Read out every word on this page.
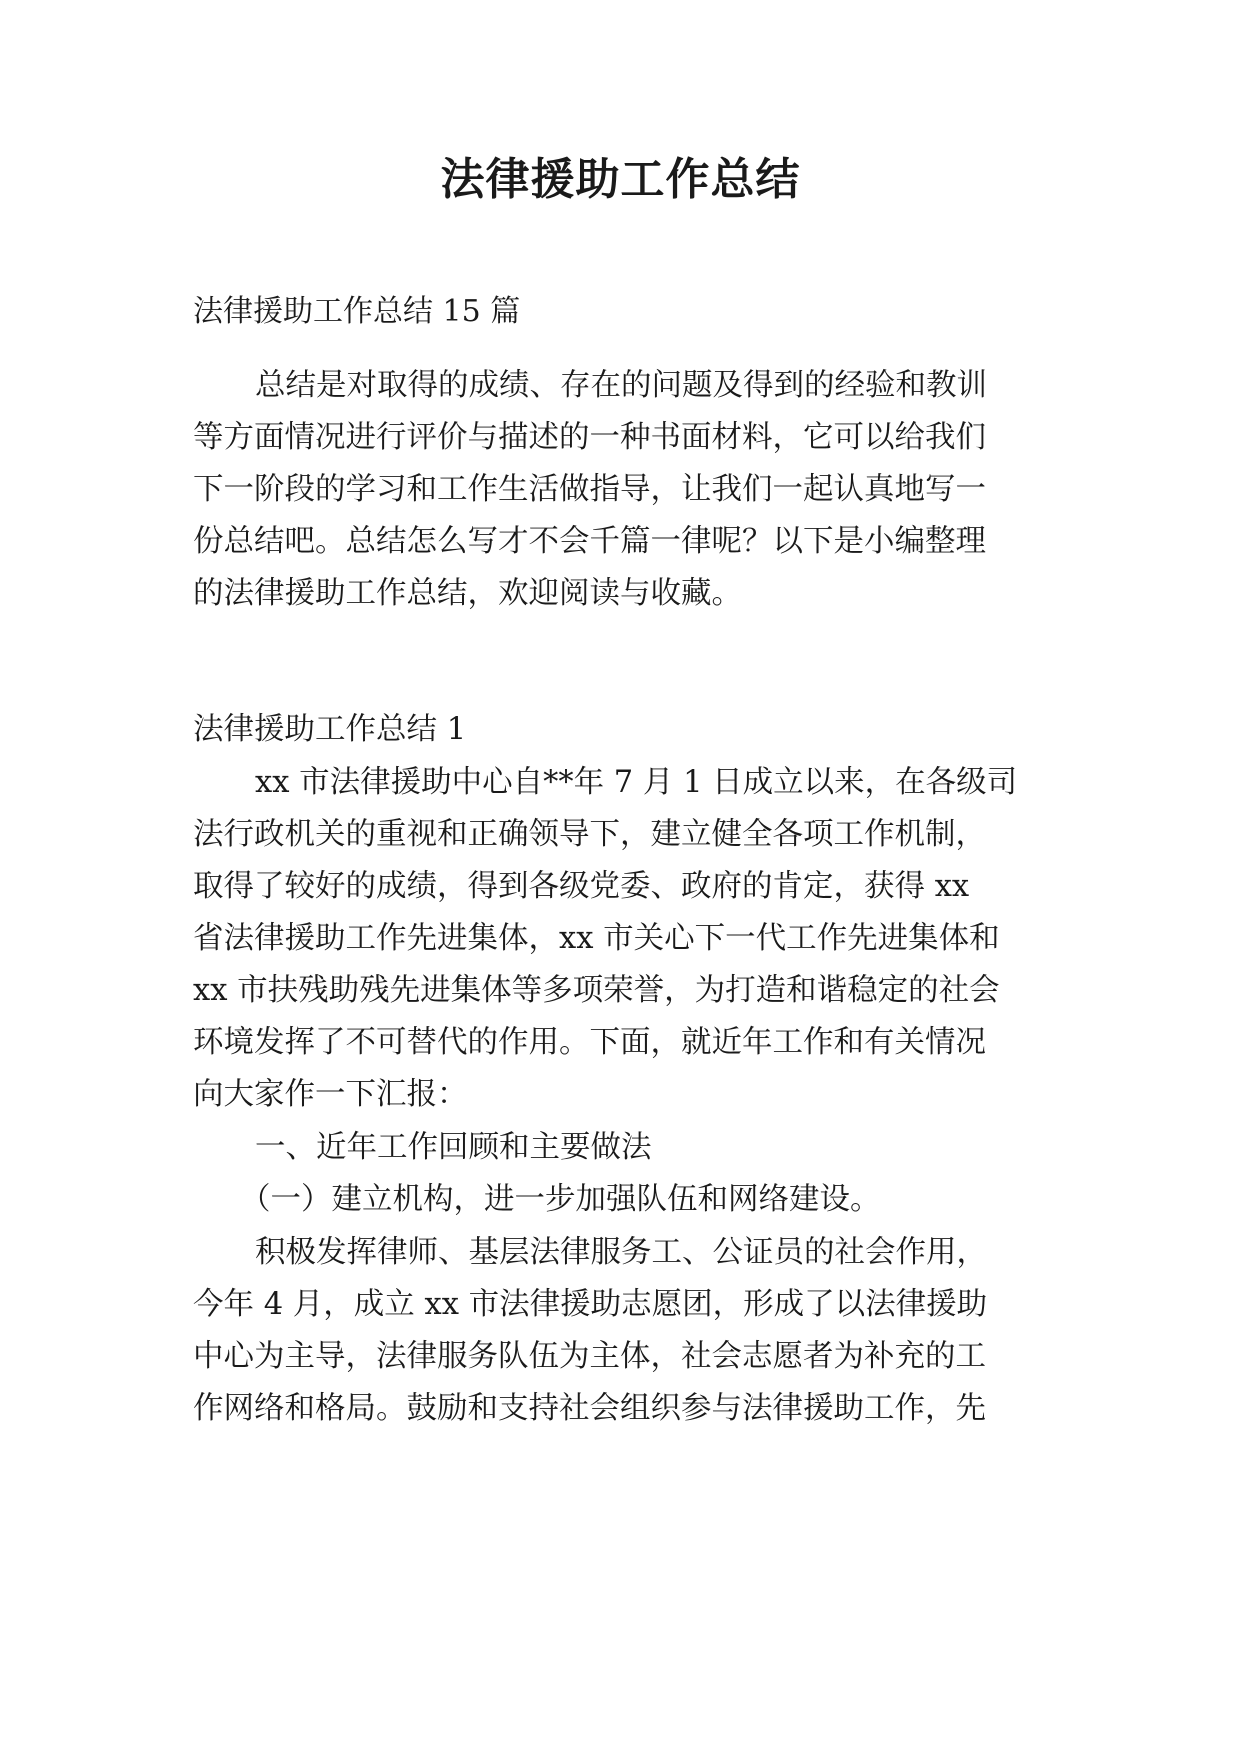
法律援助工作总结

法律援助工作总结 15 篇

总结是对取得的成绩、存在的问题及得到的经验和教训

等方面情况进行评价与描述的一种书面材料，它可以给我们

下一阶段的学习和工作生活做指导，让我们一起认真地写一

份总结吧。总结怎么写才不会千篇一律呢？以下是小编整理

的法律援助工作总结，欢迎阅读与收藏。

法律援助工作总结 1

xx 市法律援助中心自**年 7 月 1 日成立以来，在各级司

法行政机关的重视和正确领导下，建立健全各项工作机制，

取得了较好的成绩，得到各级党委、政府的肯定，获得 xx

省法律援助工作先进集体，xx 市关心下一代工作先进集体和

xx 市扶残助残先进集体等多项荣誉，为打造和谐稳定的社会

环境发挥了不可替代的作用。下面，就近年工作和有关情况

向大家作一下汇报：

一、近年工作回顾和主要做法

（一）建立机构，进一步加强队伍和网络建设。

积极发挥律师、基层法律服务工、公证员的社会作用，

今年 4 月，成立 xx 市法律援助志愿团，形成了以法律援助

中心为主导，法律服务队伍为主体，社会志愿者为补充的工

作网络和格局。鼓励和支持社会组织参与法律援助工作，先
